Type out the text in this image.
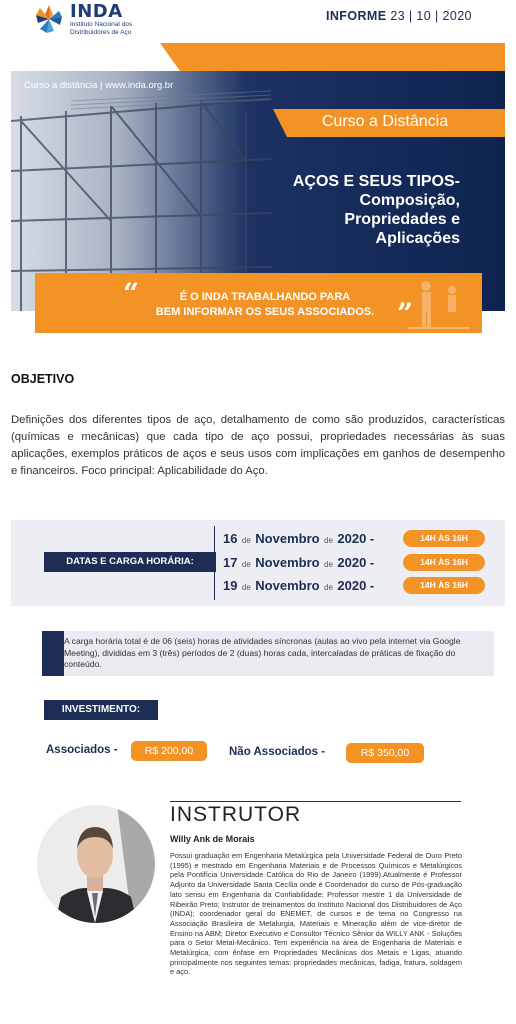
INDA
Instituto Nacional dos Distribuidores de Aço
INFORME 23 | 10 | 2020
Curso a distância | www.inda.org.br
Curso a Distância
AÇOS E SEUS TIPOS-
Composição,
Propriedades e
Aplicações
“	É O INDA TRABALHANDO PARA
BEM INFORMAR OS SEUS ASSOCIADOS. ”
OBJETIVO
Definições dos diferentes tipos de aço, detalhamento de como são produzidos, características (químicas e mecânicas) que cada tipo de aço possui, propriedades necessárias às suas aplicações, exemplos práticos de aços e seus usos com implicações em ganhos de desempenho e financeiros. Foco principal: Aplicabilidade do Aço.
DATAS E CARGA HORÁRIA:
16 de Novembro de 2020 -	14H ÀS 16H
17 de Novembro de 2020 -	14H ÀS 16H
19 de Novembro de 2020 -	14H ÀS 16H
A carga horária total é de 06 (seis) horas de atividades síncronas (aulas ao vivo pela internet via Google Meeting), divididas em 3 (três) períodos de 2 (duas) horas cada, intercaladas de práticas de fixação do conteúdo.
INVESTIMENTO:
Associados -	R$ 200,00	Não Associados -	R$ 350,00
INSTRUTOR
Willy Ank de Morais
Possui graduação em Engenharia Metalúrgica pela Universidade Federal de Ouro Preto (1995) e mestrado em Engenharia Materiais e de Processos Químicos e Metalúrgicos pela Pontifícia Universidade Católica do Rio de Janeiro (1999).Atualmente é Professor Adjunto da Universidade Santa Cecília onde é Coordenador do curso de Pós-graduação lato sensu em Engenharia da Confiabilidade; Professor mestre 1 da Universidade de Ribeirão Preto; Instrutor de treinamentos do Instituto Nacional dos Distribuidores de Aço (INDA); coordenador geral do ENEMET, de cursos e de tema no Congresso na Associação Brasileira de Metalurgia, Materiais e Mineração além de vice-diretor de Ensino na ABM; Diretor Executivo e Consultor Técnico Sênior da WILLY ANK - Soluções para o Setor Metal-Mecânico. Tem experiência na área de Engenharia de Materiais e Metalúrgica, com ênfase em Propriedades Mecânicas dos Metais e Ligas, atuando principalmente nos seguintes temas: propriedades mecânicas, fadiga, fratura, soldagem e aço.
